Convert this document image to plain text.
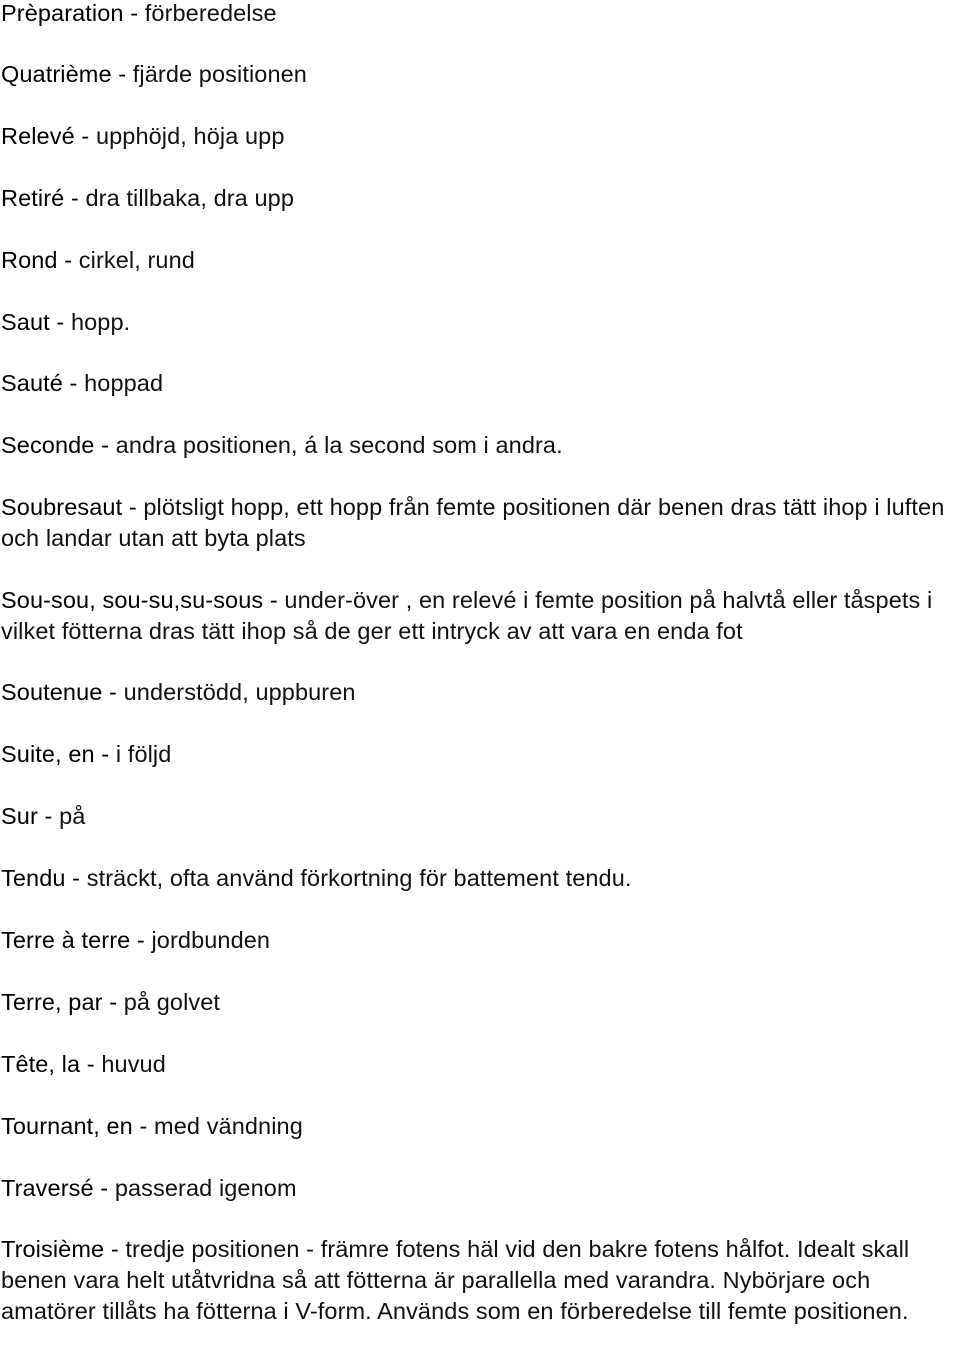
Prèparation - förberedelse

Quatrième - fjärde positionen

Relevé - upphöjd, höja upp

Retiré - dra tillbaka, dra upp

Rond - cirkel, rund

Saut - hopp.

Sauté - hoppad

Seconde - andra positionen, á la second som i andra.

Soubresaut - plötsligt hopp, ett hopp från femte positionen där benen dras tätt ihop i luften och landar utan att byta plats

Sou-sou, sou-su,su-sous - under-över , en relevé i femte position på halvtå eller tåspets i vilket fötterna dras tätt ihop så de ger ett intryck av att vara en enda fot

Soutenue - understödd, uppburen

Suite, en - i följd

Sur - på

Tendu - sträckt, ofta använd förkortning för battement tendu.

Terre à terre - jordbunden

Terre, par - på golvet

Tête, la - huvud

Tournant, en - med vändning

Traversé - passerad igenom

Troisième - tredje positionen - främre fotens häl vid den bakre fotens hålfot. Idealt skall benen vara helt utåtvridna så att fötterna är parallella med varandra. Nybörjare och amatörer tillåts ha fötterna i V-form. Används som en förberedelse till femte positionen.
